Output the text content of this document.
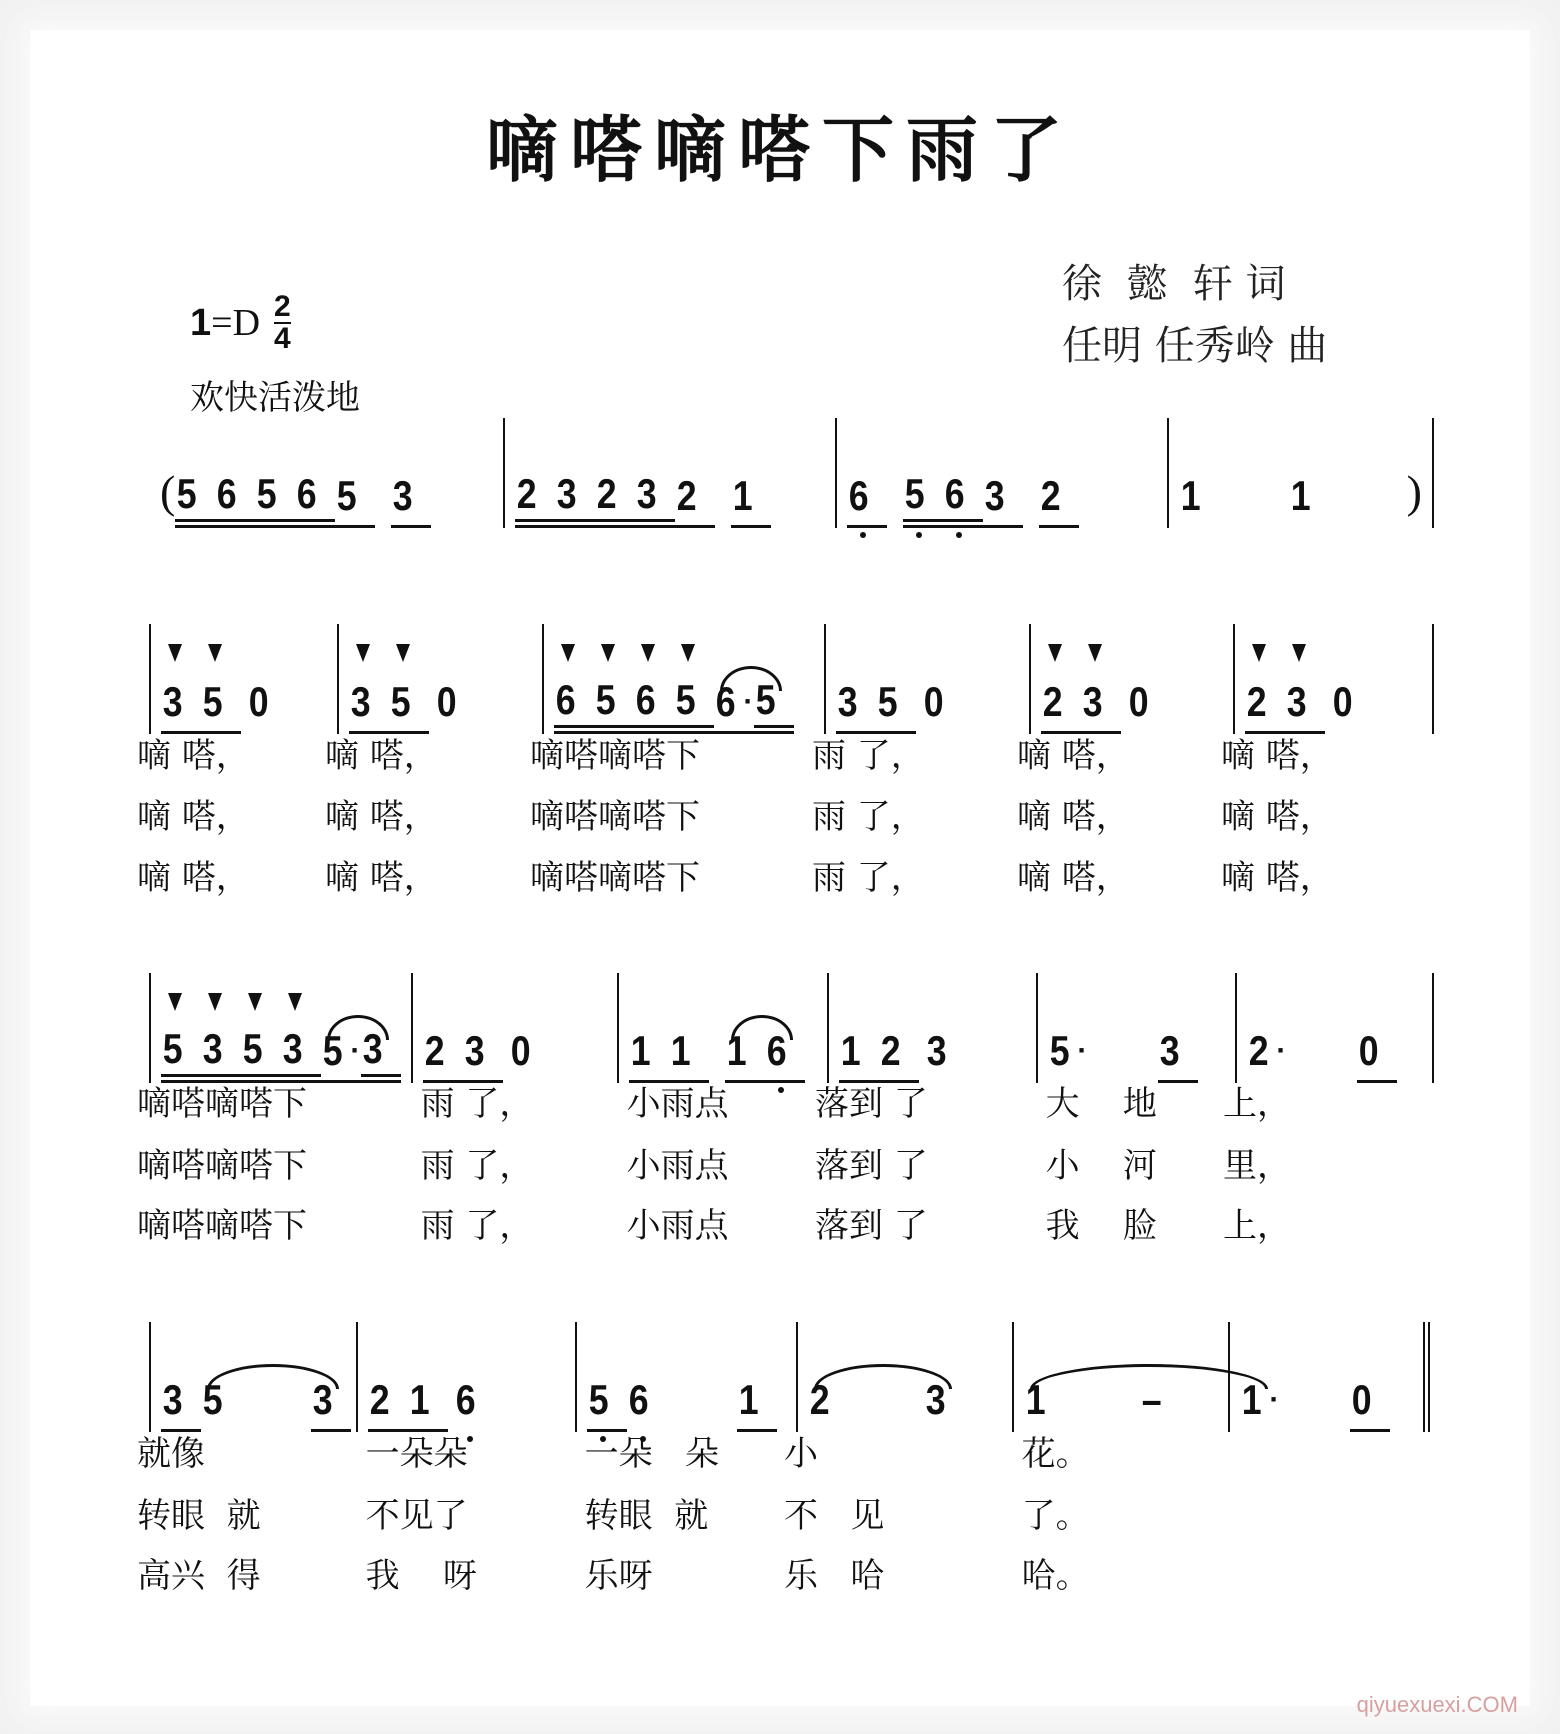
嘀嗒嘀嗒下雨了
徐  懿  轩 词
任明 任秀岭 曲
1 = D $\frac{2}{4}$
欢快活泼地
( 5 6 5 6 5 3 2 3 2 3 2 1 6 5 6 3 2	1 1 )
3 5 0 3 5 0 6 5 6 5 6 · 5 3 5 0 2 3 0 2 3 0
嘀 嗒，	嘀 嗒，	嘀嗒嘀嗒下	雨 了，	嘀 嗒，	嘀 嗒，
嘀 嗒，	嘀 嗒，	嘀嗒嘀嗒下	雨 了，	嘀 嗒，	嘀 嗒，
嘀 嗒，	嘀 嗒，	嘀嗒嘀嗒下	雨 了，	嘀 嗒，	嘀 嗒，
5 3 5 3 5 · 3 2 3 0 1 1 1 6 1 2 3 5 · 3 2 · 0
嘀嗒嘀嗒下	雨 了，	小雨点	落到 了	大    地	上，
嘀嗒嘀嗒下	雨 了，	小雨点	落到 了	小    河	里，
嘀嗒嘀嗒下	雨 了，	小雨点	落到 了	我    脸	上，
3 5 3 2 1 6	5 6 1 2 3 1 – 1 · 0
就像	一朵朵	一朵   朵	小	花。
转眼  就	不见了	转眼  就	不   见	了。
高兴  得	我    呀	乐呀	乐   哈	哈。
qiyuexuexi.COM
